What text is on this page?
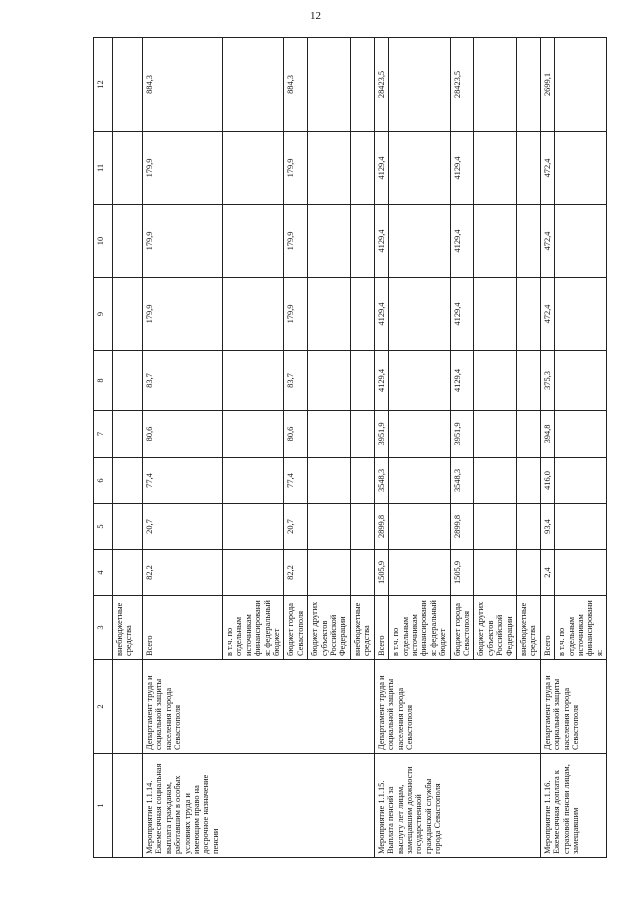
12
1	2	3	4	5	6	7	8	9	10	11	12
		внебюджетные средства									
Мероприятие 1.1.14. Ежемесячная социальная выплата гражданам, работавшим в особых условиях труда и имеющим право на досрочное назначение пенсии	Департамент труда и социальной защиты населения города Севастополя	Всего	82,2	20,7	77,4	80,6	83,7	179,9	179,9	179,9	884,3
		в т.ч. по отдельным источникам финансирования: федеральный бюджет									
		бюджет города Севастополя	82,2	20,7	77,4	80,6	83,7	179,9	179,9	179,9	884,3
		бюджет других субъектов Российской Федерации									
		внебюджетные средства									
Мероприятие 1.1.15. Выплата пенсий за выслугу лет лицам, замещавшим должности государственной гражданской службы города Севастополя	Департамент труда и социальной защиты населения города Севастополя	Всего	1505,9	2899,8	3548,3	3951,9	4129,4	4129,4	4129,4	4129,4	28423,5
		в т.ч. по отдельным источникам финансирования: федеральный бюджет									
		бюджет города Севастополя	1505,9	2899,8	3548,3	3951,9	4129,4	4129,4	4129,4	4129,4	28423,5
		бюджет других субъектов Российской Федерации									
		внебюджетные средства									
Мероприятие 1.1.16. Ежемесячная доплата к страховой пенсии лицам, замещавшим	Департамент труда и социальной защиты населения города Севастополя	Всего	2,4	93,4	416,0	394,8	375,3	472,4	472,4	472,4	2699,1
		в т.ч. по отдельным источникам финансирования:									
